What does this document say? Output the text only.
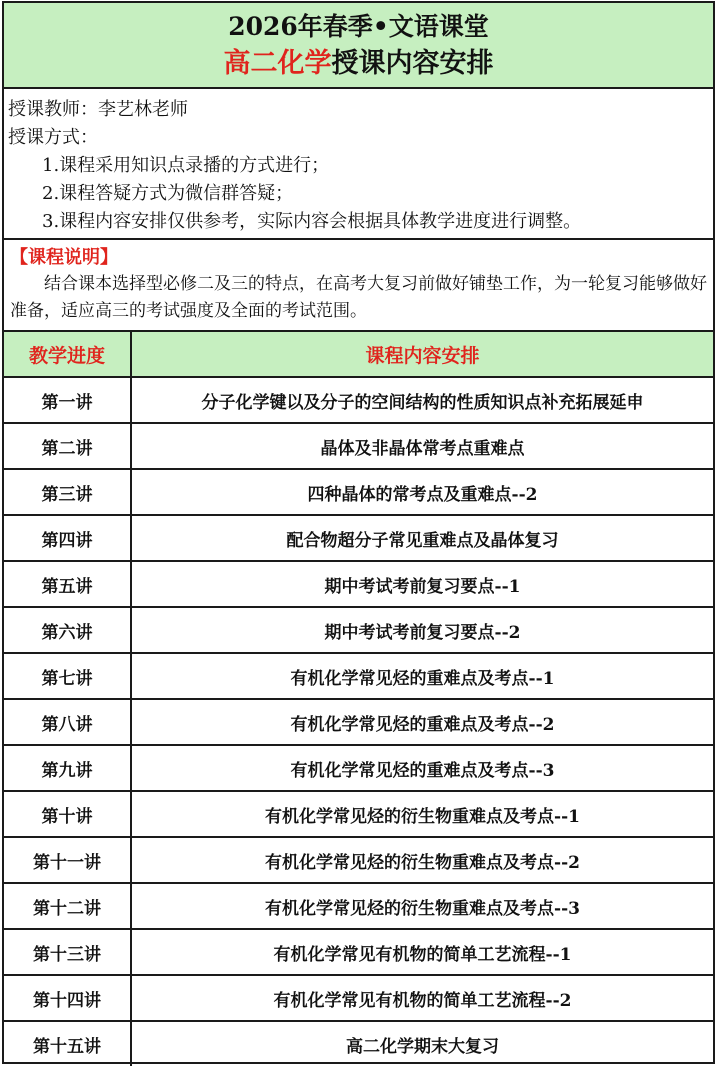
2026年春季•文语课堂
高二化学授课内容安排
授课教师：李艺林老师
授课方式：
1.课程采用知识点录播的方式进行；
2.课程答疑方式为微信群答疑；
3.课程内容安排仅供参考，实际内容会根据具体教学进度进行调整。
【课程说明】
结合课本选择型必修二及三的特点，在高考大复习前做好铺垫工作，为一轮复习能够做好准备，适应高三的考试强度及全面的考试范围。
教学进度	课程内容安排
第一讲	分子化学键以及分子的空间结构的性质知识点补充拓展延申
第二讲	晶体及非晶体常考点重难点
第三讲	四种晶体的常考点及重难点--2
第四讲	配合物超分子常见重难点及晶体复习
第五讲	期中考试考前复习要点--1
第六讲	期中考试考前复习要点--2
第七讲	有机化学常见烃的重难点及考点--1
第八讲	有机化学常见烃的重难点及考点--2
第九讲	有机化学常见烃的重难点及考点--3
第十讲	有机化学常见烃的衍生物重难点及考点--1
第十一讲	有机化学常见烃的衍生物重难点及考点--2
第十二讲	有机化学常见烃的衍生物重难点及考点--3
第十三讲	有机化学常见有机物的简单工艺流程--1
第十四讲	有机化学常见有机物的简单工艺流程--2
第十五讲	高二化学期末大复习
